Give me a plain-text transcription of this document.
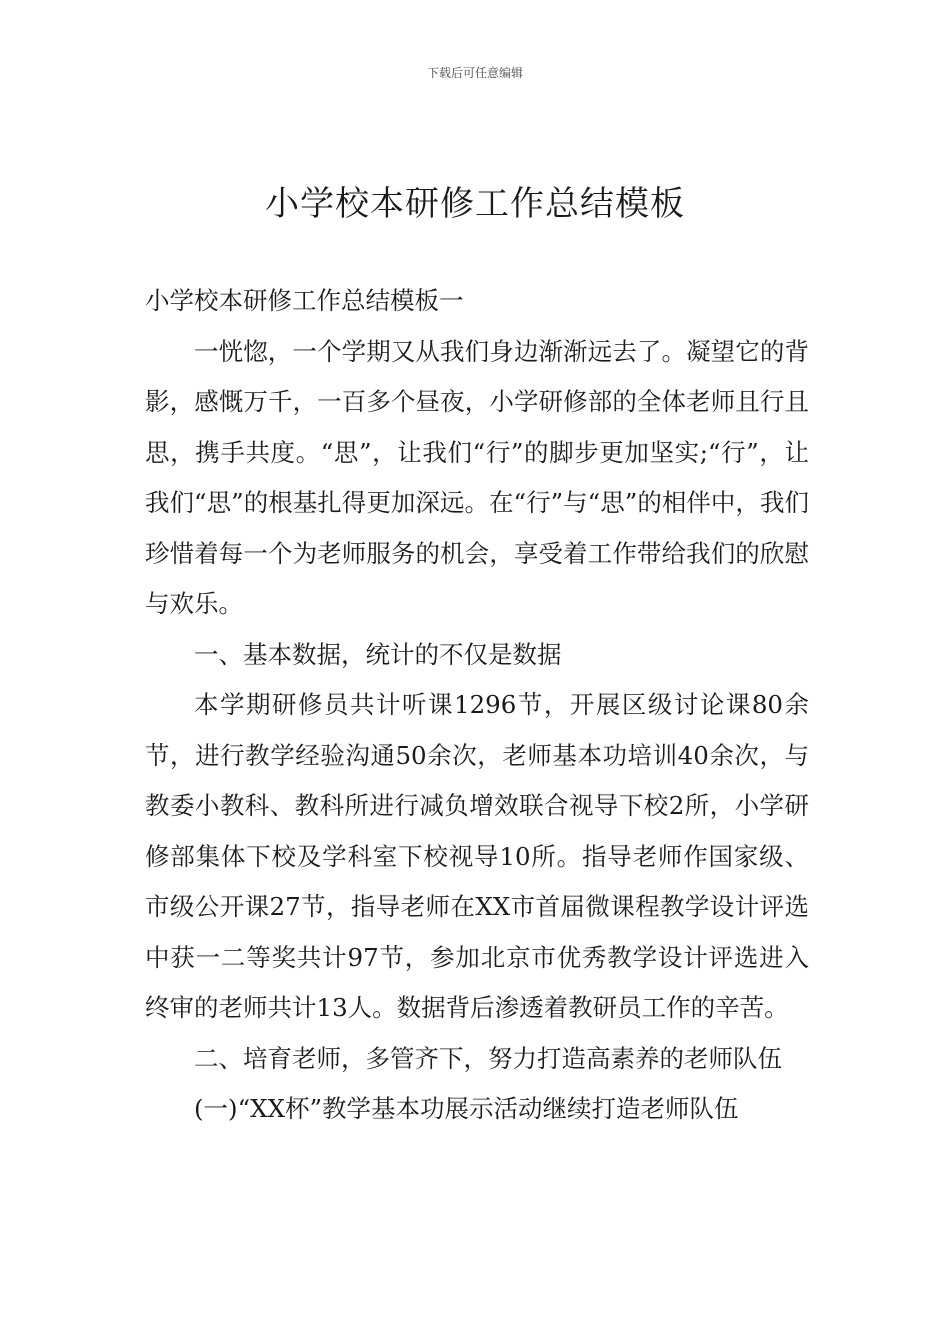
下载后可任意编辑
小学校本研修工作总结模板

小学校本研修工作总结模板一

一恍惚，一个学期又从我们身边渐渐远去了。凝望它的背影，感慨万千，一百多个昼夜，小学研修部的全体老师且行且思，携手共度。“思”，让我们“行”的脚步更加坚实;“行”，让我们“思”的根基扎得更加深远。在“行”与“思”的相伴中，我们珍惜着每一个为老师服务的机会，享受着工作带给我们的欣慰与欢乐。

一、基本数据，统计的不仅是数据

本学期研修员共计听课1296节，开展区级讨论课80余节，进行教学经验沟通50余次，老师基本功培训40余次，与教委小教科、教科所进行减负增效联合视导下校2所，小学研修部集体下校及学科室下校视导10所。指导老师作国家级、市级公开课27节，指导老师在XX市首届微课程教学设计评选中获一二等奖共计97节，参加北京市优秀教学设计评选进入终审的老师共计13人。数据背后渗透着教研员工作的辛苦。

二、培育老师，多管齐下，努力打造高素养的老师队伍

(一)“XX杯”教学基本功展示活动继续打造老师队伍
